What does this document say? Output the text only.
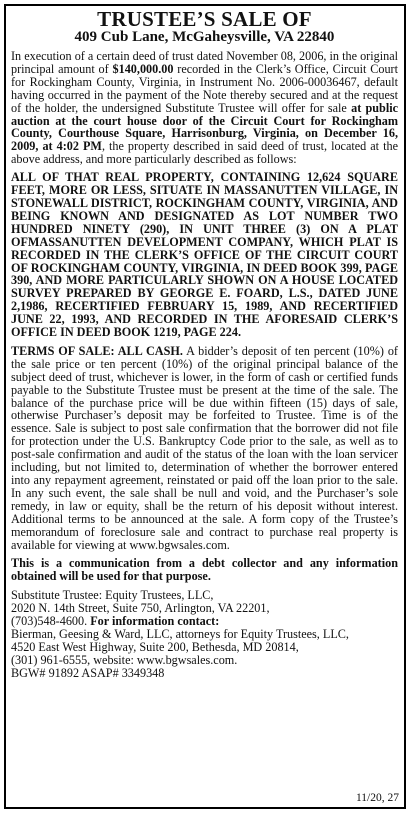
TRUSTEE’S SALE OF
409 Cub Lane, McGaheysville, VA 22840

In execution of a certain deed of trust dated November 08, 2006, in the original principal amount of $140,000.00 recorded in the Clerk’s Office, Circuit Court for Rockingham County, Virginia, in Instrument No. 2006-00036467, default having occurred in the payment of the Note thereby secured and at the request of the holder, the undersigned Substitute Trustee will offer for sale at public auction at the court house door of the Circuit Court for Rockingham County, Courthouse Square, Harrisonburg, Virginia, on December 16, 2009, at 4:02 PM, the property described in said deed of trust, located at the above address, and more particularly described as follows:

ALL OF THAT REAL PROPERTY, CONTAINING 12,624 SQUARE FEET, MORE OR LESS, SITUATE IN MASSANUTTEN VILLAGE, IN STONEWALL DISTRICT, ROCKINGHAM COUNTY, VIRGINIA, AND BEING KNOWN AND DESIGNATED AS LOT NUMBER TWO HUNDRED NINETY (290), IN UNIT THREE (3) ON A PLAT OFMASSANUTTEN DEVELOPMENT COMPANY, WHICH PLAT IS RECORDED IN THE CLERK’S OFFICE OF THE CIRCUIT COURT OF ROCKINGHAM COUNTY, VIRGINIA, IN DEED BOOK 399, PAGE 390, AND MORE PARTICULARLY SHOWN ON A HOUSE LOCATED SURVEY PREPARED BY GEORGE E. FOARD, L.S., DATED JUNE 2,1986, RECERTIFIED FEBRUARY 15, 1989, AND RECERTIFIED JUNE 22, 1993, AND RECORDED IN THE AFORESAID CLERK’S OFFICE IN DEED BOOK 1219, PAGE 224.

TERMS OF SALE: ALL CASH. A bidder’s deposit of ten percent (10%) of the sale price or ten percent (10%) of the original principal balance of the subject deed of trust, whichever is lower, in the form of cash or certified funds payable to the Substitute Trustee must be present at the time of the sale. The balance of the purchase price will be due within fifteen (15) days of sale, otherwise Purchaser’s deposit may be forfeited to Trustee. Time is of the essence. Sale is subject to post sale confirmation that the borrower did not file for protection under the U.S. Bankruptcy Code prior to the sale, as well as to post-sale confirmation and audit of the status of the loan with the loan servicer including, but not limited to, determination of whether the borrower entered into any repayment agreement, reinstated or paid off the loan prior to the sale. In any such event, the sale shall be null and void, and the Purchaser’s sole remedy, in law or equity, shall be the return of his deposit without interest. Additional terms to be announced at the sale. A form copy of the Trustee’s memorandum of foreclosure sale and contract to purchase real property is available for viewing at www.bgwsales.com.

This is a communication from a debt collector and any information obtained will be used for that purpose.

Substitute Trustee: Equity Trustees, LLC,

2020 N. 14th Street, Suite 750, Arlington, VA 22201,

(703)548-4600. For information contact:

Bierman, Geesing & Ward, LLC, attorneys for Equity Trustees, LLC,

4520 East West Highway, Suite 200, Bethesda, MD 20814,

(301) 961-6555, website: www.bgwsales.com.

BGW# 91892 ASAP# 3349348

11/20, 27
